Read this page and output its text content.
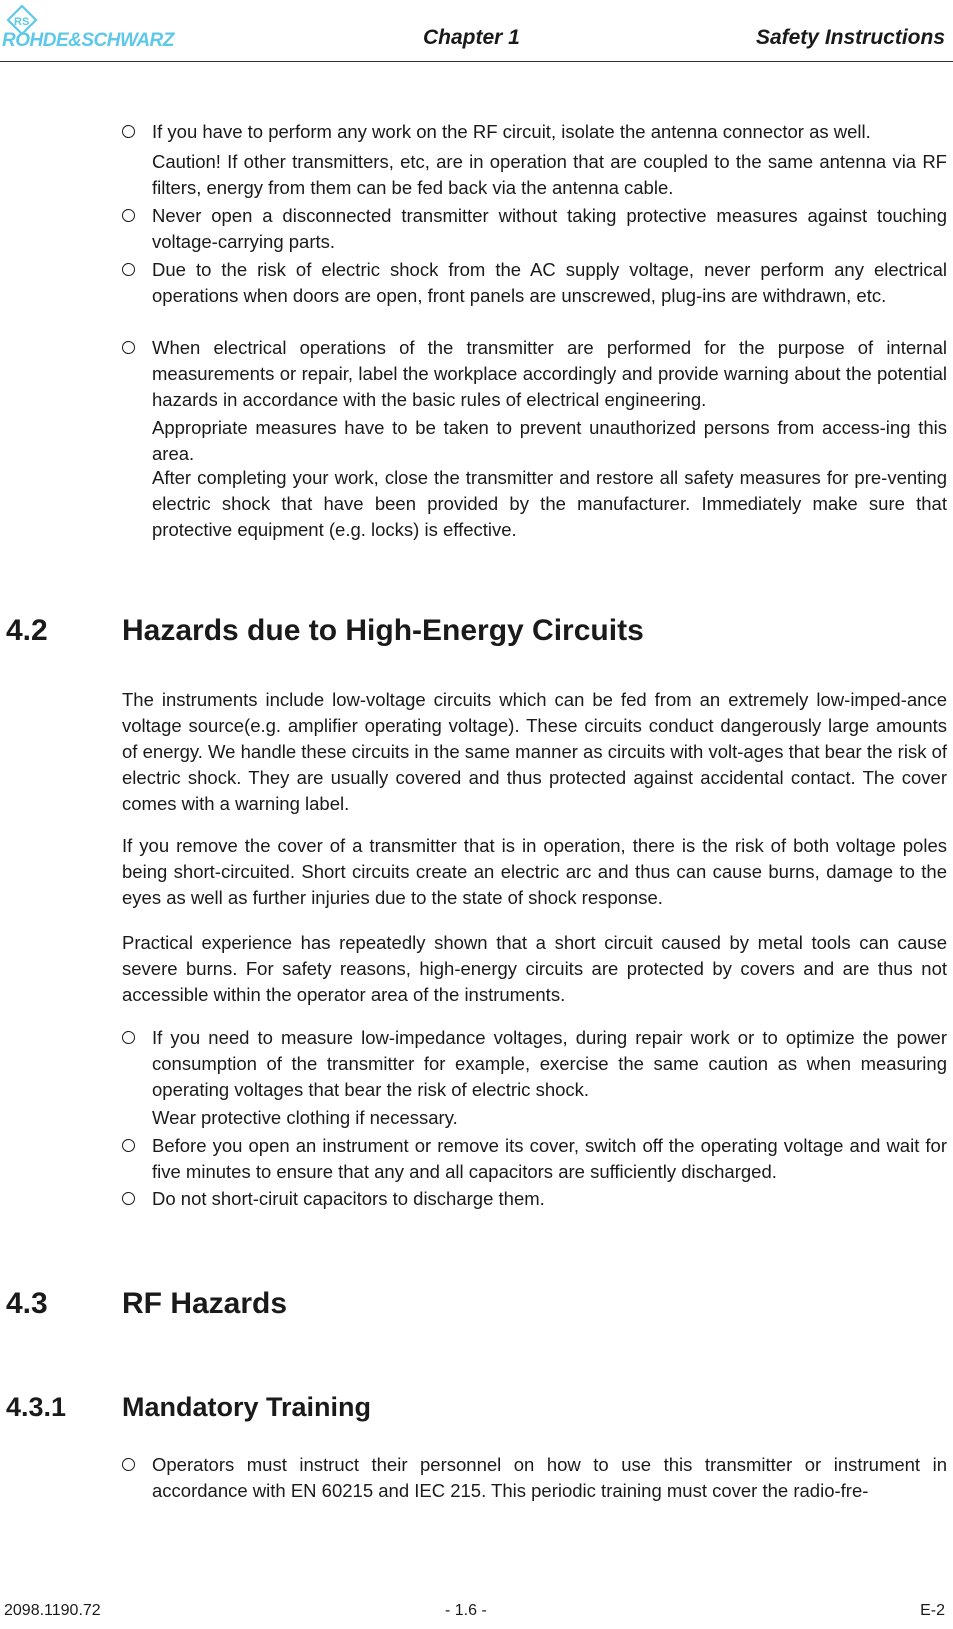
RS
ROHDE&SCHWARZ	Chapter 1	Safety Instructions
If you have to perform any work on the RF circuit, isolate the antenna connector as well.
Caution! If other transmitters, etc, are in operation that are coupled to the same antenna via RF filters, energy from them can be fed back via the antenna cable.
Never open a disconnected transmitter without taking protective measures against touching voltage-carrying parts.
Due to the risk of electric shock from the AC supply voltage, never perform any electrical operations when doors are open, front panels are unscrewed, plug-ins are withdrawn, etc.
When electrical operations of the transmitter are performed for the purpose of internal measurements or repair, label the workplace accordingly and provide warning about the potential hazards in accordance with the basic rules of electrical engineering.
Appropriate measures have to be taken to prevent unauthorized persons from access-ing this area.
After completing your work, close the transmitter and restore all safety measures for pre-venting electric shock that have been provided by the manufacturer. Immediately make sure that protective equipment (e.g. locks) is effective.
4.2 Hazards due to High-Energy Circuits
The instruments include low-voltage circuits which can be fed from an extremely low-imped-ance voltage source(e.g. amplifier operating voltage). These circuits conduct dangerously large amounts of energy. We handle these circuits in the same manner as circuits with volt-ages that bear the risk of electric shock. They are usually covered and thus protected against accidental contact. The cover comes with a warning label.
If you remove the cover of a transmitter that is in operation, there is the risk of both voltage poles being short-circuited. Short circuits create an electric arc and thus can cause burns, damage to the eyes as well as further injuries due to the state of shock response.
Practical experience has repeatedly shown that a short circuit caused by metal tools can cause severe burns. For safety reasons, high-energy circuits are protected by covers and are thus not accessible within the operator area of the instruments.
If you need to measure low-impedance voltages, during repair work or to optimize the power consumption of the transmitter for example, exercise the same caution as when measuring operating voltages that bear the risk of electric shock.
Wear protective clothing if necessary.
Before you open an instrument or remove its cover, switch off the operating voltage and wait for five minutes to ensure that any and all capacitors are sufficiently discharged.
Do not short-ciruit capacitors to discharge them.
4.3 RF Hazards
4.3.1 Mandatory Training
Operators must instruct their personnel on how to use this transmitter or instrument in accordance with EN 60215 and IEC 215. This periodic training must cover the radio-fre-
2098.1190.72	- 1.6 -	E-2
